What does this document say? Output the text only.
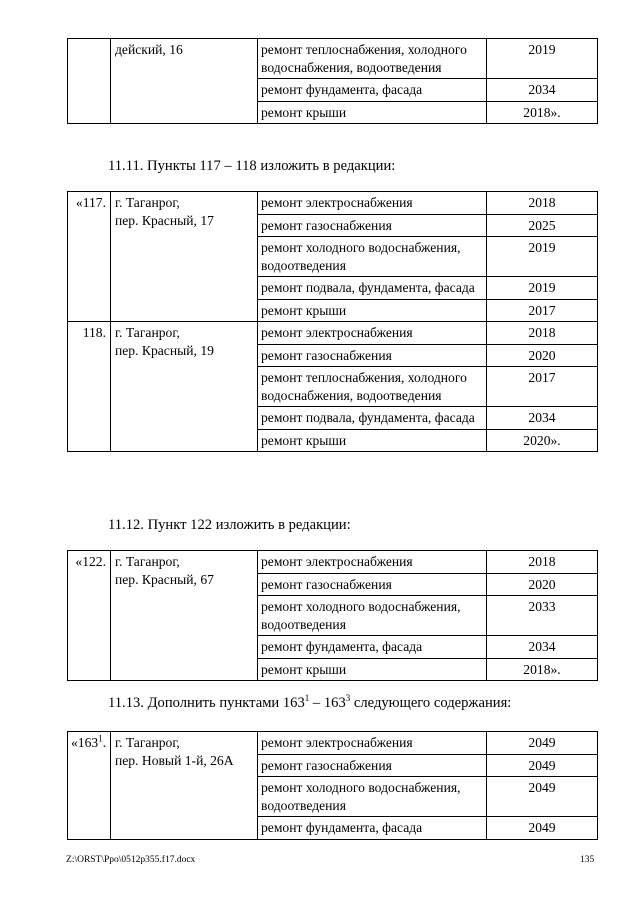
	дейский, 16	ремонт теплоснабжения, холодного водоснабжения, водоотведения	2019
		ремонт фундамента, фасада	2034
		ремонт крыши	2018».
11.11. Пункты 117 – 118 изложить в редакции:
«117.	г. Таганрог,
пер. Красный, 17	ремонт электроснабжения	2018
		ремонт газоснабжения	2025
		ремонт холодного водоснабжения, водоотведения	2019
		ремонт подвала, фундамента, фасада	2019
		ремонт крыши	2017
118.	г. Таганрог,
пер. Красный, 19	ремонт электроснабжения	2018
		ремонт газоснабжения	2020
		ремонт теплоснабжения, холодного водоснабжения, водоотведения	2017
		ремонт подвала, фундамента, фасада	2034
		ремонт крыши	2020».
11.12. Пункт 122 изложить в редакции:
«122.	г. Таганрог,
пер. Красный, 67	ремонт электроснабжения	2018
		ремонт газоснабжения	2020
		ремонт холодного водоснабжения, водоотведения	2033
		ремонт фундамента, фасада	2034
		ремонт крыши	2018».
11.13. Дополнить пунктами $163^1 - 163^3$ следующего содержания:
«$163^1$.	г. Таганрог,
пер. Новый 1-й, 26А	ремонт электроснабжения	2049
		ремонт газоснабжения	2049
		ремонт холодного водоснабжения, водоотведения	2049
		ремонт фундамента, фасада	2049
Z:\ORST\Ppo\0512p355.f17.docx	135
